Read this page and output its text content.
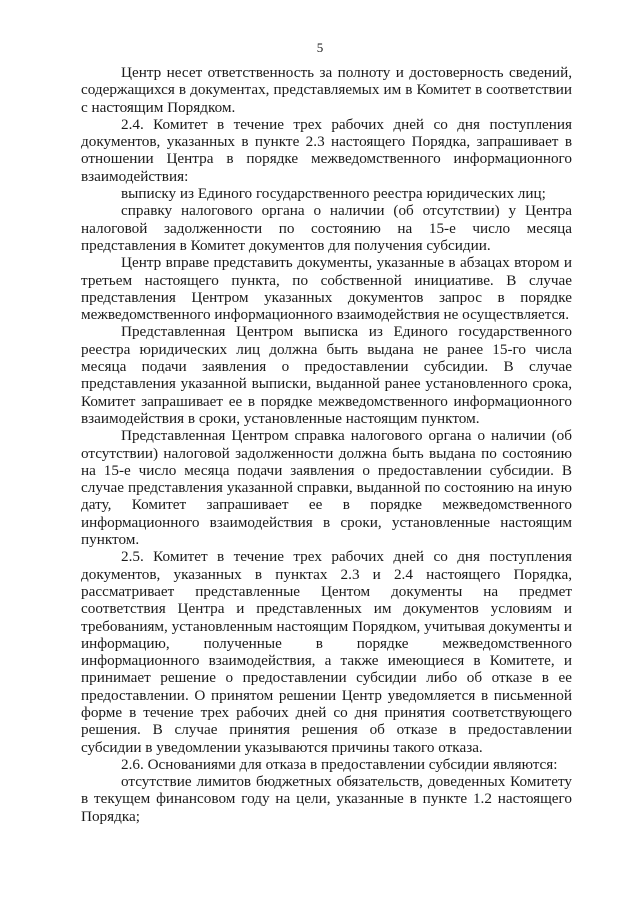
5

Центр несет ответственность за полноту и достоверность сведений, содержащихся в документах, представляемых им в Комитет в соответствии с настоящим Порядком.

2.4. Комитет в течение трех рабочих дней со дня поступления документов, указанных в пункте 2.3 настоящего Порядка, запрашивает в отношении Центра в порядке межведомственного информационного взаимодействия:

выписку из Единого государственного реестра юридических лиц;

справку налогового органа о наличии (об отсутствии) у Центра налоговой задолженности по состоянию на 15-е число месяца представления в Комитет документов для получения субсидии.

Центр вправе представить документы, указанные в абзацах втором и третьем настоящего пункта, по собственной инициативе. В случае представления Центром указанных документов запрос в порядке межведомственного информационного взаимодействия не осуществляется.

Представленная Центром выписка из Единого государственного реестра юридических лиц должна быть выдана не ранее 15-го числа месяца подачи заявления о предоставлении субсидии. В случае представления указанной выписки, выданной ранее установленного срока, Комитет запрашивает ее в порядке межведомственного информационного взаимодействия в сроки, установленные настоящим пунктом.

Представленная Центром справка налогового органа о наличии (об отсутствии) налоговой задолженности должна быть выдана по состоянию на 15-е число месяца подачи заявления о предоставлении субсидии. В случае представления указанной справки, выданной по состоянию на иную дату, Комитет запрашивает ее в порядке межведомственного информационного взаимодействия в сроки, установленные настоящим пунктом.

2.5. Комитет в течение трех рабочих дней со дня поступления документов, указанных в пунктах 2.3 и 2.4 настоящего Порядка, рассматривает представленные Центом документы на предмет соответствия Центра и представленных им документов условиям и требованиям, установленным настоящим Порядком, учитывая документы и информацию, полученные в порядке межведомственного информационного взаимодействия, а также имеющиеся в Комитете, и принимает решение о предоставлении субсидии либо об отказе в ее предоставлении. О принятом решении Центр уведомляется в письменной форме в течение трех рабочих дней со дня принятия соответствующего решения. В случае принятия решения об отказе в предоставлении субсидии в уведомлении указываются причины такого отказа.

2.6. Основаниями для отказа в предоставлении субсидии являются:

отсутствие лимитов бюджетных обязательств, доведенных Комитету в текущем финансовом году на цели, указанные в пункте 1.2 настоящего Порядка;
